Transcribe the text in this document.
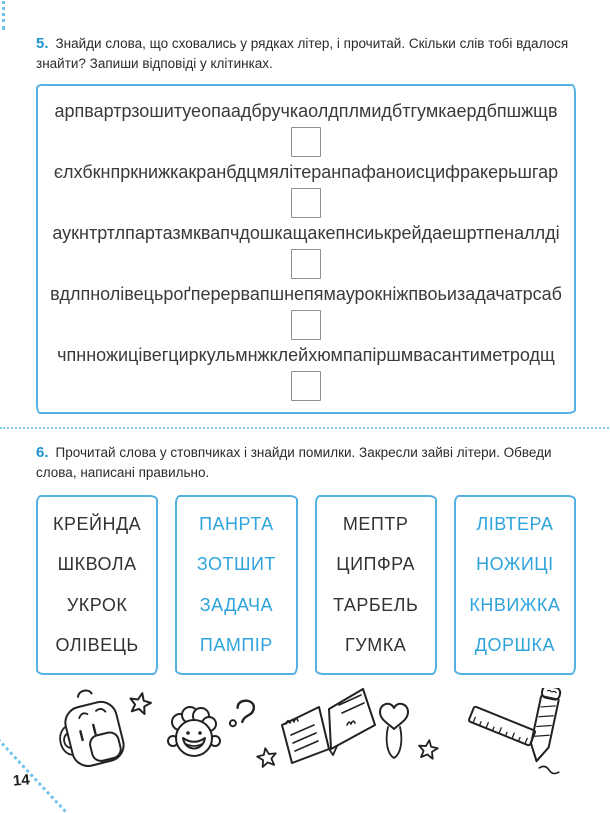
5. Знайди слова, що сховались у рядках літер, і прочитай. Скільки слів тобі вдалося знайти? Запиши відповіді у клітинках.
арпвартрзошитуеопаадбручкаолдплмидбтгумкаердбпшжщв
єлхбкнпркнижкакранбдцмялітеранпафаноисцифракерьшгар
аукнтртлпартазмквапчдошкащакепнсиькрейдаешртпеналлді
вдлпнолівецьроґперервапшнепямаурокніжпвоьизадачатрсаб
чпнножицівегциркульмнжклейхюмпапіршмвасантиметродщ
6. Прочитай слова у стовпчиках і знайди помилки. Закресли зайві літери. Обведи слова, написані правильно.
КРЕЙНДА
ШКВОЛА
УКРОК
ОЛІВЕЦЬ
ПАНРТА
ЗОТШИТ
ЗАДАЧА
ПАМПІР
МЕПТР
ЦИПФРА
ТАРБЕЛЬ
ГУМКА
ЛІВТЕРА
НОЖИЦІ
КНВИЖКА
ДОРШКА
14
